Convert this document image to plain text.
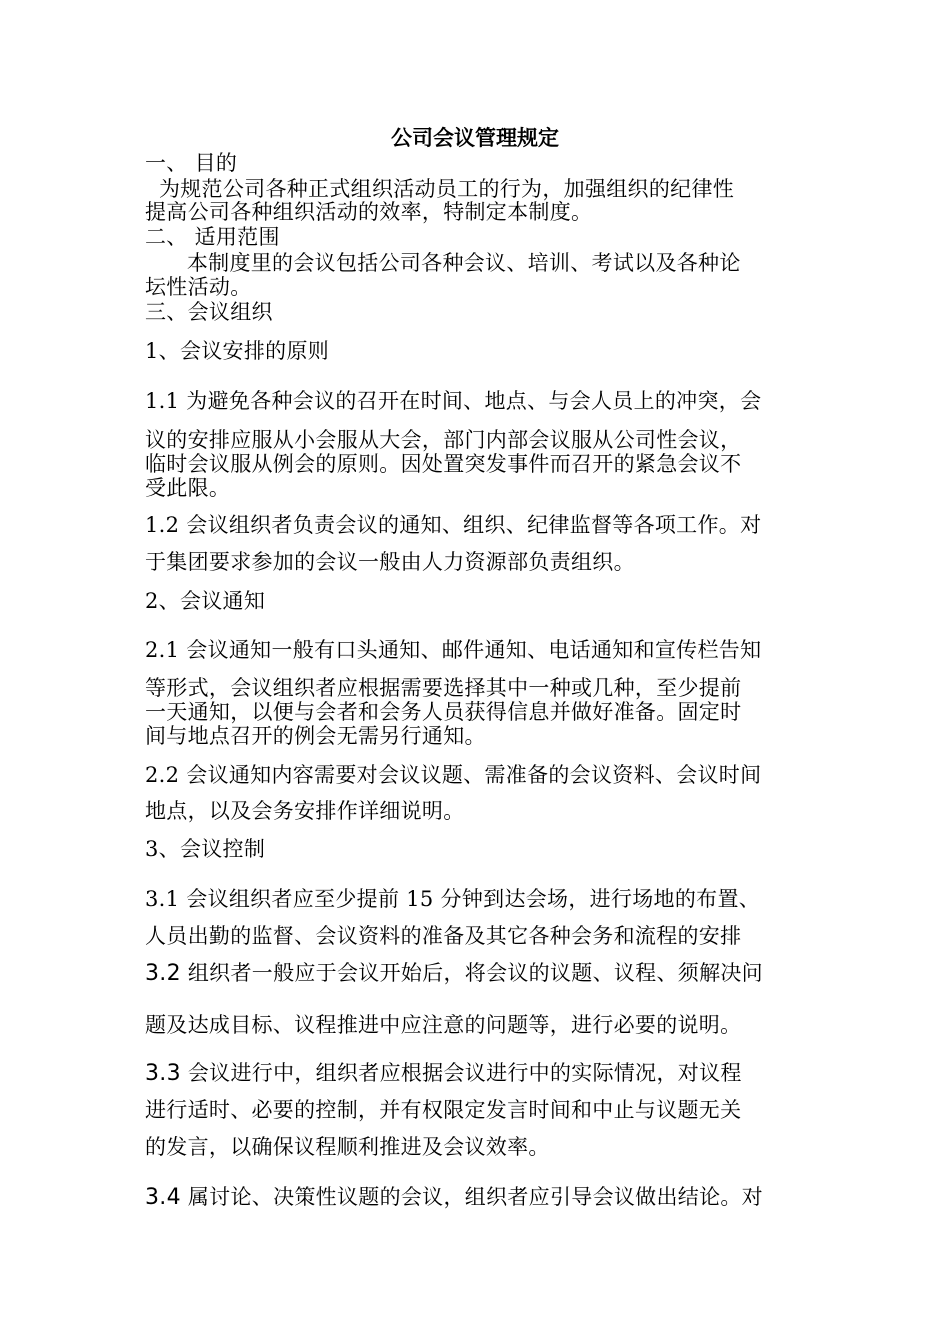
公司会议管理规定
一、 目的
为规范公司各种正式组织活动员工的行为，加强组织的纪律性
提高公司各种组织活动的效率，特制定本制度。
二、 适用范围
本制度里的会议包括公司各种会议、培训、考试以及各种论
坛性活动。
三、会议组织
1、会议安排的原则
1.1 为避免各种会议的召开在时间、地点、与会人员上的冲突，会
议的安排应服从小会服从大会，部门内部会议服从公司性会议，
临时会议服从例会的原则。因处置突发事件而召开的紧急会议不
受此限。
1.2 会议组织者负责会议的通知、组织、纪律监督等各项工作。对
于集团要求参加的会议一般由人力资源部负责组织。
2、会议通知
2.1 会议通知一般有口头通知、邮件通知、电话通知和宣传栏告知
等形式，会议组织者应根据需要选择其中一种或几种，至少提前
一天通知，以便与会者和会务人员获得信息并做好准备。固定时
间与地点召开的例会无需另行通知。
2.2 会议通知内容需要对会议议题、需准备的会议资料、会议时间
地点，以及会务安排作详细说明。
3、会议控制
3.1 会议组织者应至少提前 15 分钟到达会场，进行场地的布置、
人员出勤的监督、会议资料的准备及其它各种会务和流程的安排
3.2 组织者一般应于会议开始后，将会议的议题、议程、须解决问
题及达成目标、议程推进中应注意的问题等，进行必要的说明。
3.3 会议进行中，组织者应根据会议进行中的实际情况，对议程
进行适时、必要的控制，并有权限定发言时间和中止与议题无关
的发言，以确保议程顺利推进及会议效率。
3.4 属讨论、决策性议题的会议，组织者应引导会议做出结论。对
